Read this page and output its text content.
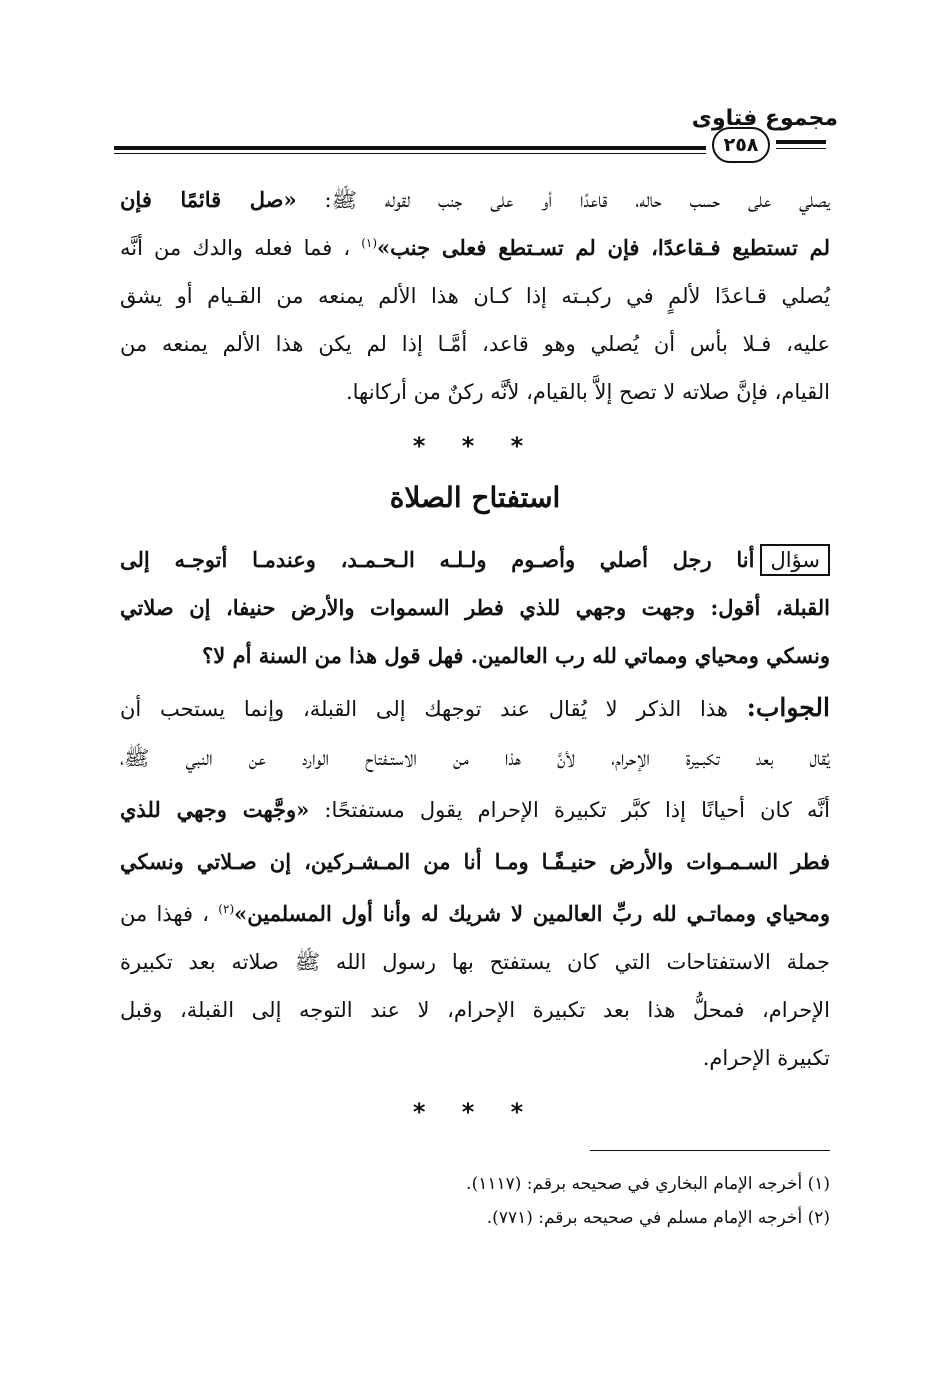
مجموع فتاوى
٢٥٨
يصلي على حسب حاله، قاعدًا أو على جنب لقوله ﷺ: «صل قائمًا فإن
لم تستطيع فـقاعدًا، فإن لم تسـتطع فعلى جنب»$^{(١)}$ ، فما فعله والدك من أنَّه
يُصلي قـاعدًا لألمٍ في ركبـته إذا كـان هذا الألم يمنعه من القـيام أو يشق
عليه، فـلا بأس أن يُصلي وهو قاعد، أمَّـا إذا لم يكن هذا الألم يمنعه من
القيام، فإنَّ صلاته لا تصح إلاَّ بالقيام، لأنَّه ركنٌ من أركانها.
* * *
استفتاح الصلاة
سؤالأنا رجل أصلي وأصـوم ولـلـه الـحـمـد، وعندمـا أتوجـه إلى
القبلة، أقول: وجهت وجهي للذي فطر السموات والأرض حنيفا، إن صلاتي
ونسكي ومحياي ومماتي لله رب العالمين. فهل قول هذا من السنة أم لا؟
الجواب: هذا الذكر لا يُقال عند توجهك إلى القبلة، وإنما يستحب أن
يُقال بعد تكبـيرة الإحرام، لأنَّ هذا من الاستـفتاح الوارد عن النبي ﷺ،
أنَّه كان أحيانًا إذا كبَّر تكبيرة الإحرام يقول مستفتحًا: «وجَّهت وجهي للذي
فطر السـمـوات والأرض حنيـفًـا ومـا أنا من المـشـركين، إن صـلاتي ونسكي
ومحياي ومماتـي لله ربِّ العالمين لا شريك له وأنا أول المسلمين»$^{(٢)}$ ، فهذا من
جملة الاستفتاحات التي كان يستفتح بها رسول الله ﷺ صلاته بعد تكبيرة
الإحرام، فمحلُّ هذا بعد تكبيرة الإحرام، لا عند التوجه إلى القبلة، وقبل
تكبيرة الإحرام.
* * *
(١) أخرجه الإمام البخاري في صحيحه برقم: (١١١٧).
(٢) أخرجه الإمام مسلم في صحيحه برقم: (٧٧١).
